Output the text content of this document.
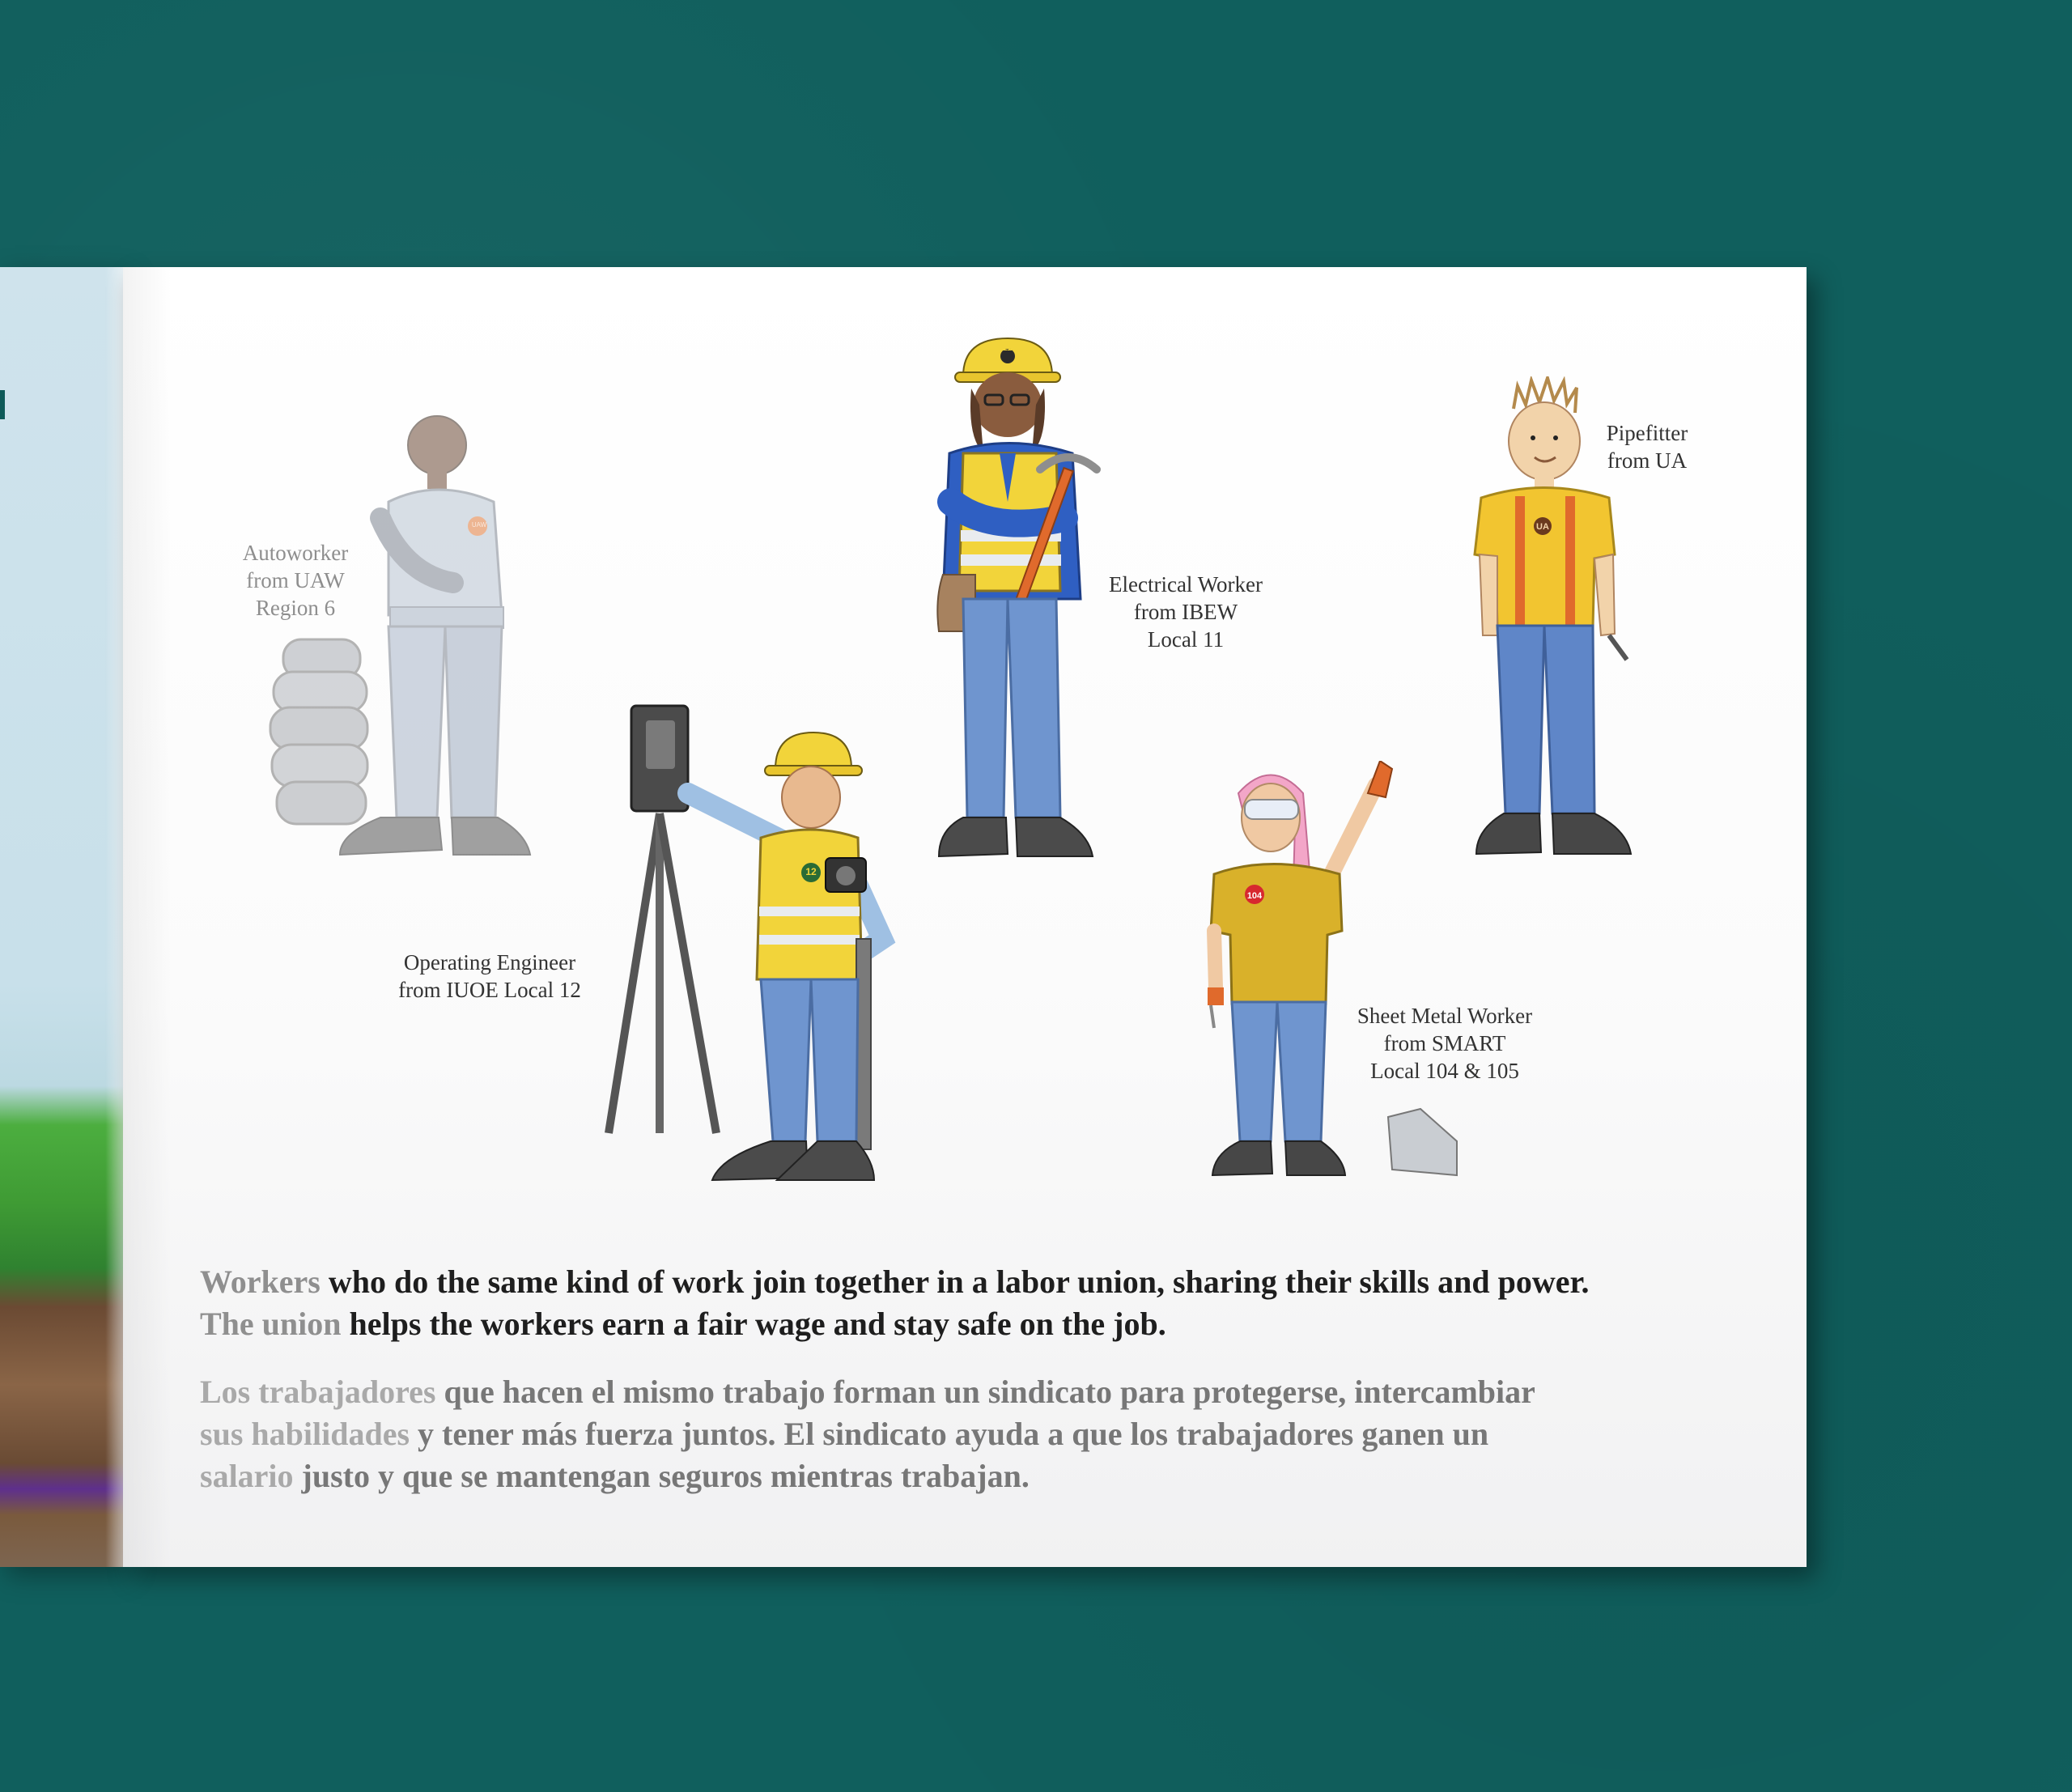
11
UA
12
104
Autoworker
from UAW
Region 6
Operating Engineer
from IUOE Local 12
Electrical Worker
from IBEW
Local 11
Sheet Metal Worker
from SMART
Local 104 & 105
Pipefitter
from UA
Workers who do the same kind of work join together in a labor union, sharing their skills and power.
The union helps the workers earn a fair wage and stay safe on the job.
Los trabajadores que hacen el mismo trabajo forman un sindicato para protegerse, intercambiar
sus habilidades y tener más fuerza juntos. El sindicato ayuda a que los trabajadores ganen un
salario justo y que se mantengan seguros mientras trabajan.
UAW
